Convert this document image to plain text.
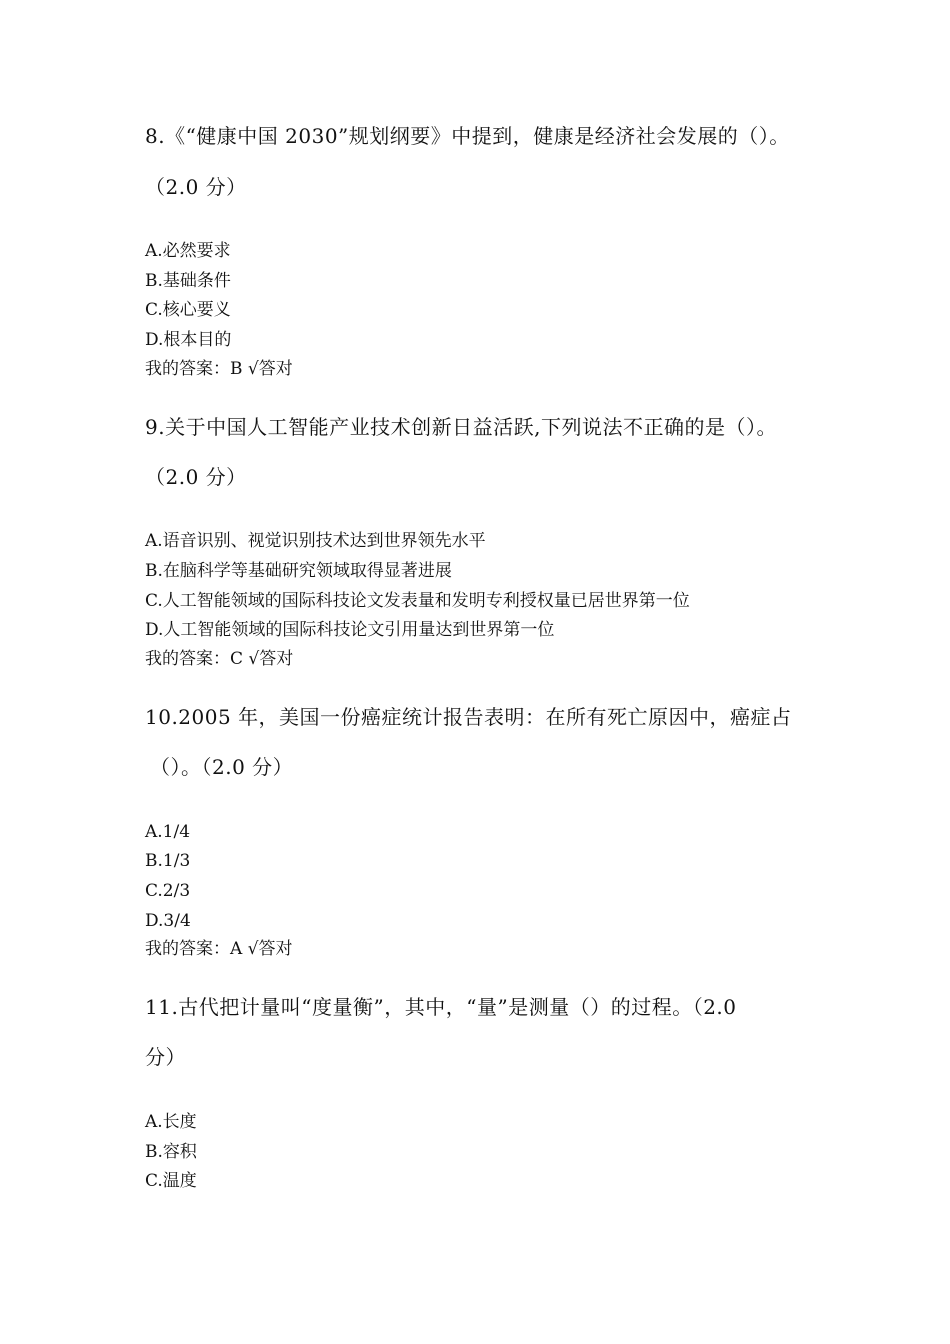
8.《“健康中国 2030”规划纲要》中提到，健康是经济社会发展的（）。
（2.0 分）
A.必然要求
B.基础条件
C.核心要义
D.根本目的
我的答案：B √答对
9.关于中国人工智能产业技术创新日益活跃,下列说法不正确的是（）。
（2.0 分）
A.语音识别、视觉识别技术达到世界领先水平
B.在脑科学等基础研究领域取得显著进展
C.人工智能领域的国际科技论文发表量和发明专利授权量已居世界第一位
D.人工智能领域的国际科技论文引用量达到世界第一位
我的答案：C √答对
10.2005 年，美国一份癌症统计报告表明：在所有死亡原因中，癌症占
（）。（2.0 分）
A.1/4
B.1/3
C.2/3
D.3/4
我的答案：A √答对
11.古代把计量叫“度量衡”，其中，“量”是测量（）的过程。（2.0
分）
A.长度
B.容积
C.温度
